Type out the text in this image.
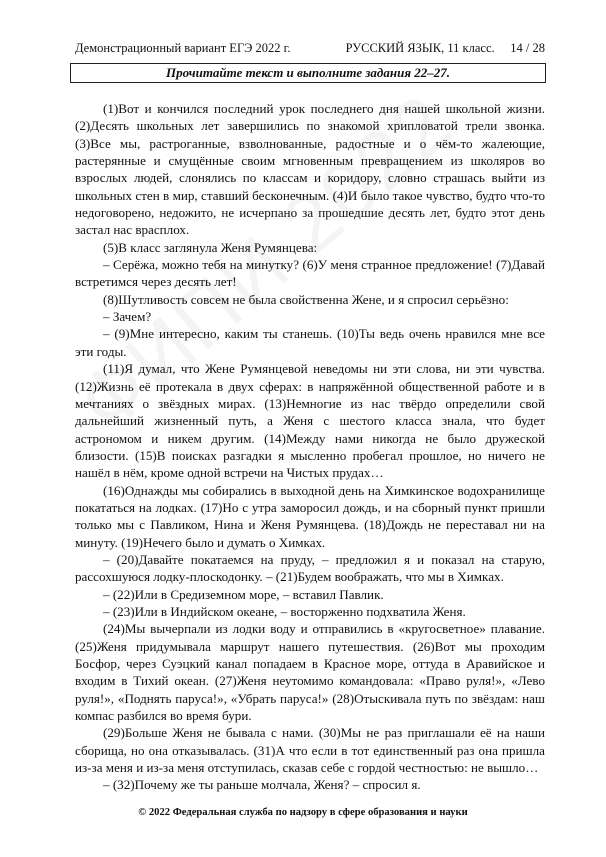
Демонстрационный вариант ЕГЭ 2022 г.	РУССКИЙ ЯЗЫК, 11 класс. 14 / 28
Прочитайте текст и выполните задания 22–27.

(1)Вот и кончился последний урок последнего дня нашей школьной жизни. (2)Десять школьных лет завершились по знакомой хрипловатой трели звонка. (3)Все мы, растроганные, взволнованные, радостные и о чём-то жалеющие, растерянные и смущённые своим мгновенным превращением из школяров во взрослых людей, слонялись по классам и коридору, словно страшась выйти из школьных стен в мир, ставший бесконечным. (4)И было такое чувство, будто что-то недоговорено, недожито, не исчерпано за прошедшие десять лет, будто этот день застал нас врасплох.

(5)В класс заглянула Женя Румянцева:

– Серёжа, можно тебя на минутку? (6)У меня странное предложение! (7)Давай встретимся через десять лет!

(8)Шутливость совсем не была свойственна Жене, и я спросил серьёзно:

– Зачем?

– (9)Мне интересно, каким ты станешь. (10)Ты ведь очень нравился мне все эти годы.

(11)Я думал, что Жене Румянцевой неведомы ни эти слова, ни эти чувства. (12)Жизнь её протекала в двух сферах: в напряжённой общественной работе и в мечтаниях о звёздных мирах. (13)Немногие из нас твёрдо определили свой дальнейший жизненный путь, а Женя с шестого класса знала, что будет астрономом и никем другим. (14)Между нами никогда не было дружеской близости. (15)В поисках разгадки я мысленно пробегал прошлое, но ничего не нашёл в нём, кроме одной встречи на Чистых прудах…

(16)Однажды мы собирались в выходной день на Химкинское водохранилище покататься на лодках. (17)Но с утра заморосил дождь, и на сборный пункт пришли только мы с Павликом, Нина и Женя Румянцева. (18)Дождь не переставал ни на минуту. (19)Нечего было и думать о Химках.

– (20)Давайте покатаемся на пруду, – предложил я и показал на старую, рассохшуюся лодку-плоскодонку. – (21)Будем воображать, что мы в Химках.

– (22)Или в Средиземном море, – вставил Павлик.

– (23)Или в Индийском океане, – восторженно подхватила Женя.

(24)Мы вычерпали из лодки воду и отправились в «кругосветное» плавание. (25)Женя придумывала маршрут нашего путешествия. (26)Вот мы проходим Босфор, через Суэцкий канал попадаем в Красное море, оттуда в Аравийское и входим в Тихий океан. (27)Женя неутомимо командовала: «Право руля!», «Лево руля!», «Поднять паруса!», «Убрать паруса!» (28)Отыскивала путь по звёздам: наш компас разбился во время бури.

(29)Больше Женя не бывала с нами. (30)Мы не раз приглашали её на наши сборища, но она отказывалась. (31)А что если в тот единственный раз она пришла из-за меня и из-за меня отступилась, сказав себе с гордой честностью: не вышло…

– (32)Почему же ты раньше молчала, Женя? – спросил я.

© 2022 Федеральная служба по надзору в сфере образования и науки
